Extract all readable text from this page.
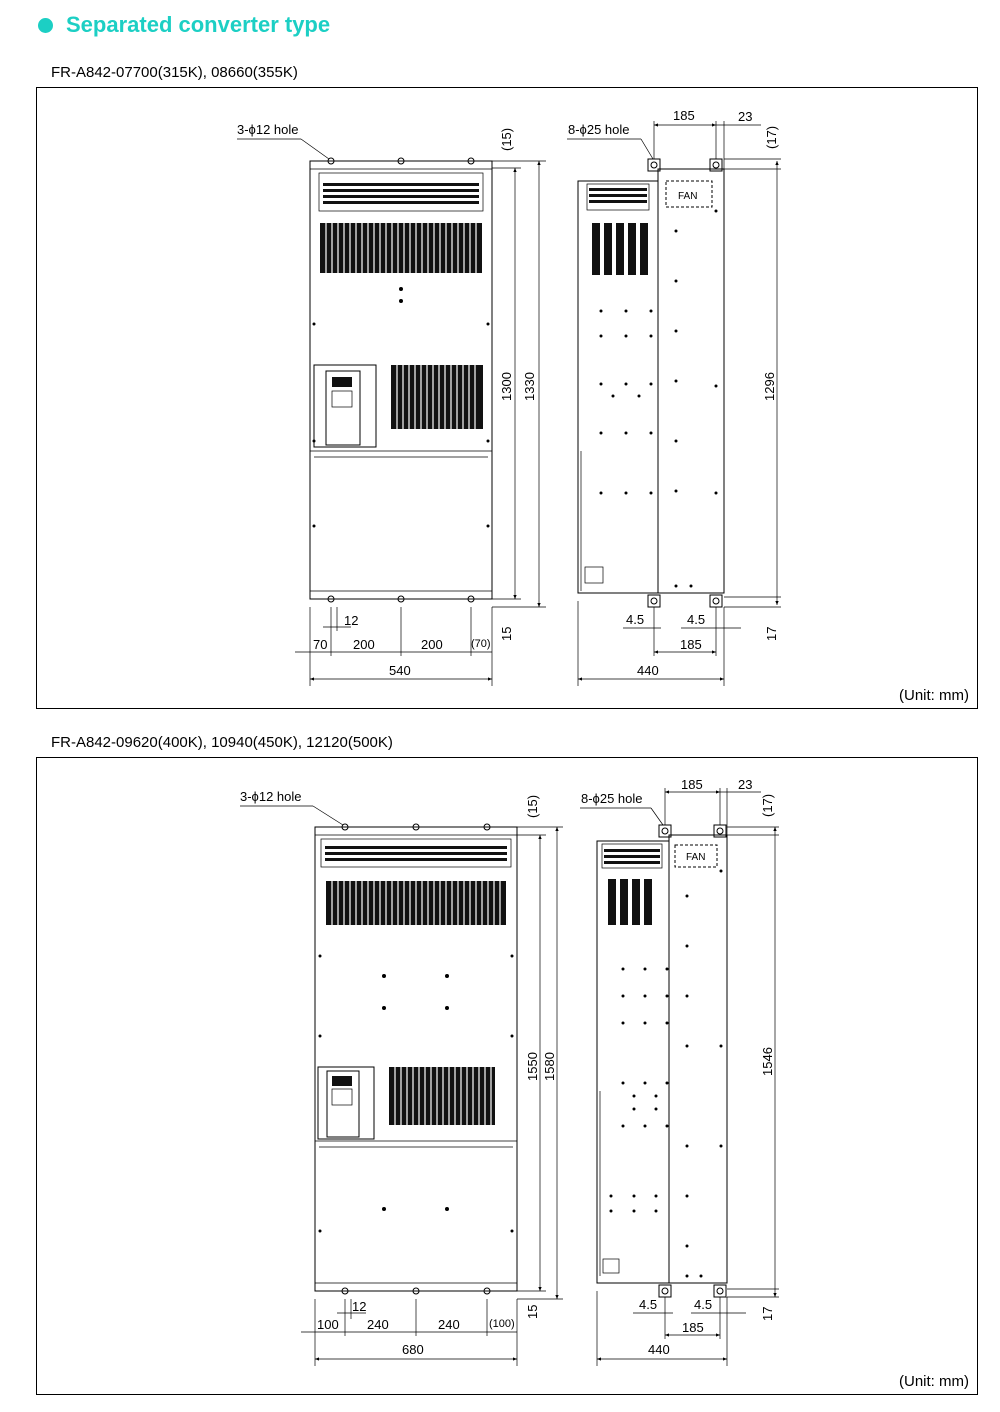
Separated converter type
FR-A842-07700(315K), 08660(355K)
3-ϕ12 hole
1300 1330
(15)
15
12
70 200	200	(70)
540
FAN
8-ϕ25 hole
185	23
(17)
1296
17
4.5	4.5
185
440
(Unit: mm)
FR-A842-09620(400K), 10940(450K), 12120(500K)
3-ϕ12 hole
1550 1580
(15)
15
12
100 240	240	(100)
680
FAN
8-ϕ25 hole
185	23
(17)
1546
17
4.5	4.5
185
440
(Unit: mm)
